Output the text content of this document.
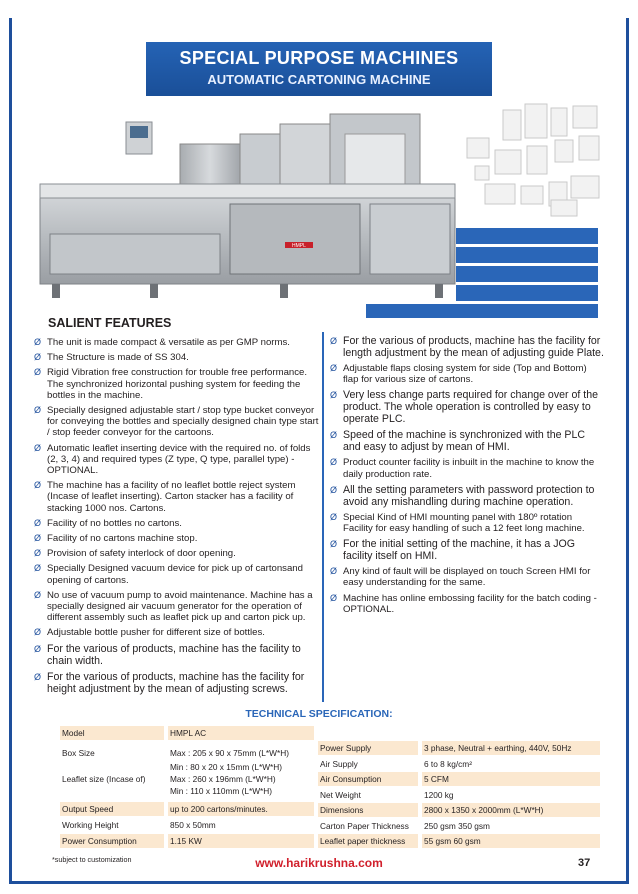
SPECIAL PURPOSE MACHINES
AUTOMATIC CARTONING MACHINE
HMPL
SALIENT FEATURES
Ø The unit is made compact & versatile as per GMP norms.
Ø The Structure is made of SS 304.
Ø Rigid Vibration free construction for trouble free performance. The synchronized horizontal pushing system for feeding the bottles in the machine.
Ø Specially designed adjustable start / stop type bucket conveyor for conveying the bottles and specially designed chain type start / stop feeder conveyor for the cartoons.
Ø Automatic leaflet inserting device with the required no. of folds (2, 3, 4) and required types (Z type, Q type, parallel type) -OPTIONAL.
Ø The machine has a facility of no leaflet bottle reject system (Incase of leaflet inserting). Carton stacker has a facility of stacking 1000 nos. Cartons.
Ø Facility of no bottles no cartons.
Ø Facility of no cartons machine stop.
Ø Provision of safety interlock of door opening.
Ø Specially Designed vacuum device for pick up of cartonsand opening of cartons.
Ø No use of vacuum pump to avoid maintenance. Machine has a specially designed air vacuum generator for the operation of different assembly such as leaflet pick up and carton pick up.
Ø Adjustable bottle pusher for different size of bottles.
Ø For the various of products, machine has the facility to chain width.
Ø For the various of products, machine has the facility for height adjustment by the mean of adjusting screws.
Ø For the various of products, machine has the facility for length adjustment by the mean of adjusting guide Plate.
Ø Adjustable flaps closing system for side (Top and Bottom) flap for various size of cartons.
Ø Very less change parts required for change over of the product. The whole operation is controlled by easy to operate PLC.
Ø Speed of the machine is synchronized with the PLC and easy to adjust by mean of HMI.
Ø Product counter facility is inbuilt in the machine to know the daily production rate.
Ø All the setting parameters with password protection to avoid any mishandling during machine operation.
Ø Special Kind of HMI mounting panel with 180º rotation Facility for easy handling of such a 12 feet long machine.
Ø For the initial setting of the machine, it has a JOG facility itself on HMI.
Ø Any kind of fault will be displayed on touch Screen HMI for easy understanding for the same.
Ø Machine has online embossing facility for the batch coding - OPTIONAL.
TECHNICAL SPECIFICATION:
Model	HMPL AC
Box Size	Max : 205 x 90 x 75mm (L*W*H)
Min : 80 x 20 x 15mm (L*W*H)
Leaflet size (Incase of)	Max : 260 x 196mm (L*W*H)
Min : 110 x 110mm (L*W*H)
Output Speed	up to 200 cartons/minutes.
Working Height	850 x 50mm
Power Consumption	1.15 KW
Power Supply	3 phase, Neutral + earthing, 440V, 50Hz
Air Supply	6 to 8 kg/cm²
Air Consumption	5 CFM
Net Weight	1200 kg
Dimensions	2800 x 1350 x 2000mm (L*W*H)
Carton Paper Thickness	250 gsm 350 gsm
Leaflet paper thickness	55 gsm 60 gsm
*subject to customization	www.harikrushna.com	37
